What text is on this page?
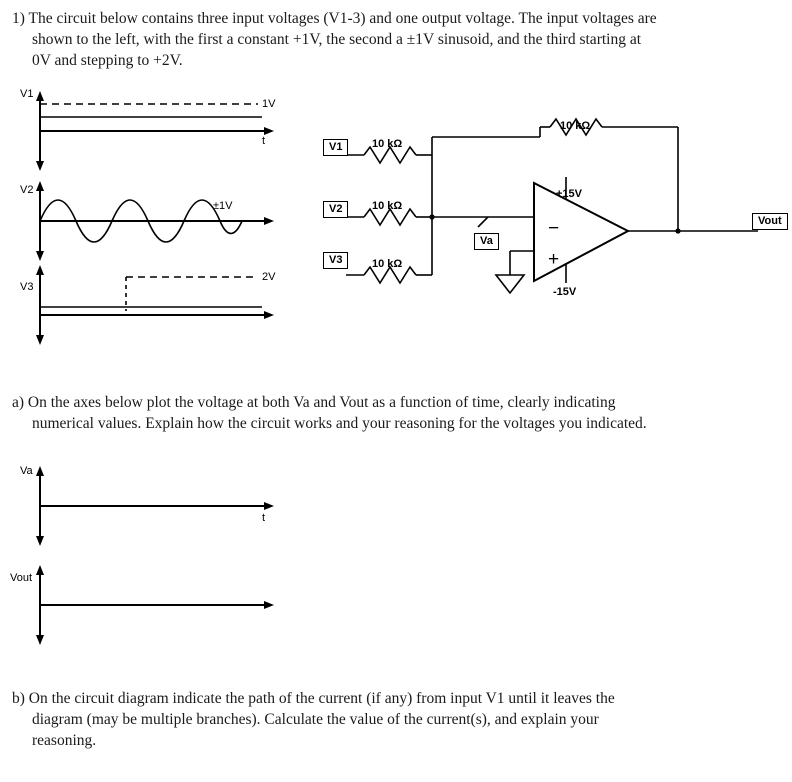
1) The circuit below contains three input voltages (V1-3) and one output voltage. The input voltages are
shown to the left, with the first a constant +1V, the second a ±1V sinusoid, and the third starting at
0V and stepping to +2V.
V1
1V
t
V2
±1V
V3
2V
V1
V2
V3
10 kΩ
10 kΩ
10 kΩ
10 kΩ
Va
Vout
+15V
-15V
−
+
a) On the axes below plot the voltage at both Va and Vout as a function of time, clearly indicating
numerical values. Explain how the circuit works and your reasoning for the voltages you indicated.
Va
t
Vout
b) On the circuit diagram indicate the path of the current (if any) from input V1 until it leaves the
diagram (may be multiple branches). Calculate the value of the current(s), and explain your
reasoning.
